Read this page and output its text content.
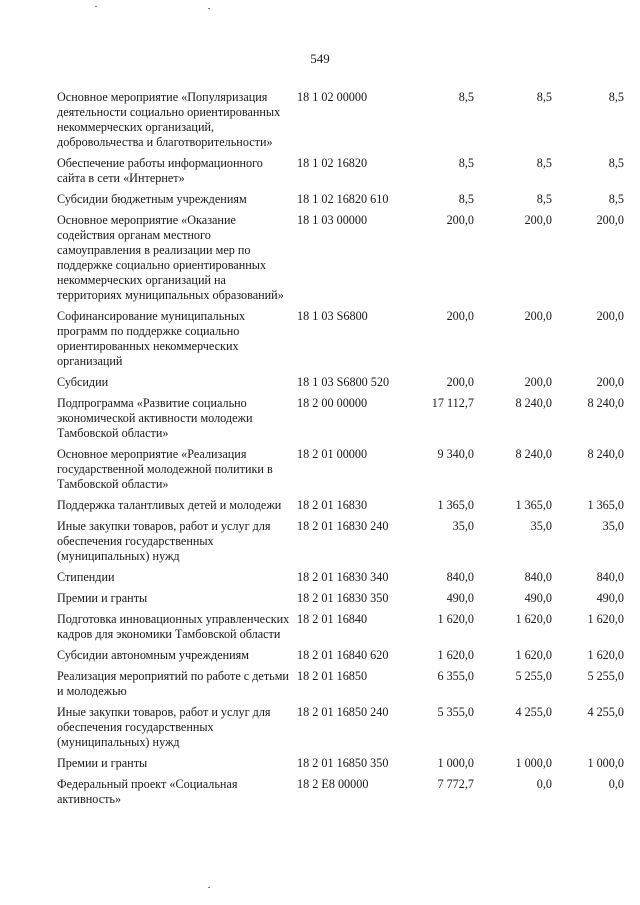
549
Основное мероприятие «Популяризация деятельности социально ориентированных некоммерческих организаций, добровольчества и благотворительности»	18 1 02 00000	8,5	8,5	8,5
Обеспечение работы информационного сайта в сети «Интернет»	18 1 02 16820	8,5	8,5	8,5
Субсидии бюджетным учреждениям	18 1 02 16820 610	8,5	8,5	8,5
Основное мероприятие «Оказание содействия органам местного самоуправления в реализации мер по поддержке социально ориентированных некоммерческих организаций на территориях муниципальных образований»	18 1 03 00000	200,0	200,0	200,0
Софинансирование муниципальных программ по поддержке социально ориентированных некоммерческих организаций	18 1 03 S6800	200,0	200,0	200,0
Субсидии	18 1 03 S6800 520	200,0	200,0	200,0
Подпрограмма «Развитие социально экономической активности молодежи Тамбовской области»	18 2 00 00000	17 112,7	8 240,0	8 240,0
Основное мероприятие «Реализация государственной молодежной политики в Тамбовской области»	18 2 01 00000	9 340,0	8 240,0	8 240,0
Поддержка талантливых детей и молодежи	18 2 01 16830	1 365,0	1 365,0	1 365,0
Иные закупки товаров, работ и услуг для обеспечения государственных (муниципальных) нужд	18 2 01 16830 240	35,0	35,0	35,0
Стипендии	18 2 01 16830 340	840,0	840,0	840,0
Премии и гранты	18 2 01 16830 350	490,0	490,0	490,0
Подготовка инновационных управленческих кадров для экономики Тамбовской области	18 2 01 16840	1 620,0	1 620,0	1 620,0
Субсидии автономным учреждениям	18 2 01 16840 620	1 620,0	1 620,0	1 620,0
Реализация мероприятий по работе с детьми и молодежью	18 2 01 16850	6 355,0	5 255,0	5 255,0
Иные закупки товаров, работ и услуг для обеспечения государственных (муниципальных) нужд	18 2 01 16850 240	5 355,0	4 255,0	4 255,0
Премии и гранты	18 2 01 16850 350	1 000,0	1 000,0	1 000,0
Федеральный проект «Социальная активность»	18 2 E8 00000	7 772,7	0,0	0,0
